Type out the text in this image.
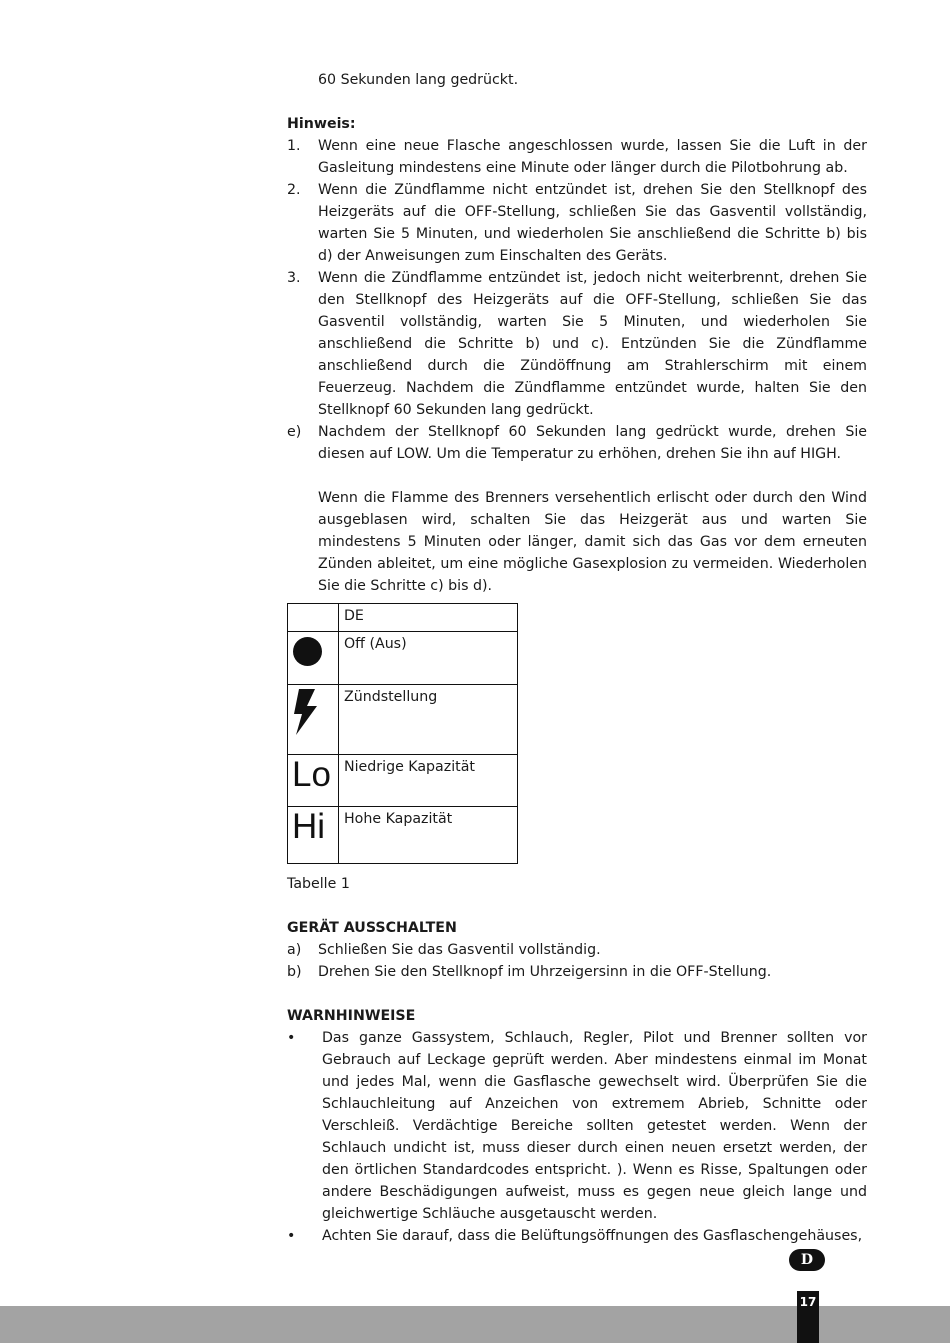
60 Sekunden lang gedrückt.
Hinweis:
1.	Wenn eine neue Flasche angeschlossen wurde, lassen Sie die Luft in der Gasleitung mindestens eine Minute oder länger durch die Pilotbohrung ab.
2.	Wenn die Zündflamme nicht entzündet ist, drehen Sie den Stellknopf des Heizgeräts auf die OFF-Stellung, schließen Sie das Gasventil vollständig, warten Sie 5 Minuten, und wiederholen Sie anschließend die Schritte b) bis d) der Anweisungen zum Einschalten des Geräts.
3.	Wenn die Zündflamme entzündet ist, jedoch nicht weiterbrennt, drehen Sie den Stellknopf des Heizgeräts auf die OFF-Stellung, schließen Sie das Gasventil vollständig, warten Sie 5 Minuten, und wiederholen Sie anschließend die Schritte b) und c). Entzünden Sie die Zündflamme anschließend durch die Zündöffnung am Strahlerschirm mit einem Feuerzeug. Nachdem die Zündflamme entzündet wurde, halten Sie den Stellknopf 60 Sekunden lang gedrückt.
e)	Nachdem der Stellknopf 60 Sekunden lang gedrückt wurde, drehen Sie diesen auf LOW. Um die Temperatur zu erhöhen, drehen Sie ihn auf HIGH.
Wenn die Flamme des Brenners versehentlich erlischt oder durch den Wind ausgeblasen wird, schalten Sie das Heizgerät aus und warten Sie mindestens 5 Minuten oder länger, damit sich das Gas vor dem erneuten Zünden ableitet, um eine mögliche Gasexplosion zu vermeiden. Wiederholen Sie die Schritte c) bis d).
	DE

	Off (Aus)

	Zündstellung

Lo	Niedrige Kapazität

Hi	Hohe Kapazität
Tabelle 1
GERÄT AUSSCHALTEN
a)	Schließen Sie das Gasventil vollständig.
b)	Drehen Sie den Stellknopf im Uhrzeigersinn in die OFF-Stellung.
WARNHINWEISE
•	Das ganze Gassystem, Schlauch, Regler, Pilot und Brenner sollten vor Gebrauch auf Leckage geprüft werden. Aber mindestens einmal im Monat und jedes Mal, wenn die Gasflasche gewechselt wird. Überprüfen Sie die Schlauchleitung auf Anzeichen von extremem Abrieb, Schnitte oder Verschleiß. Verdächtige Bereiche sollten getestet werden. Wenn der Schlauch undicht ist, muss dieser durch einen neuen ersetzt werden, der den örtlichen Standardcodes entspricht. ). Wenn es Risse, Spaltungen oder andere Beschädigungen aufweist, muss es gegen neue gleich lange und gleichwertige Schläuche ausgetauscht werden.
•	Achten Sie darauf, dass die Belüftungsöffnungen des Gasflaschengehäuses,
D
17
